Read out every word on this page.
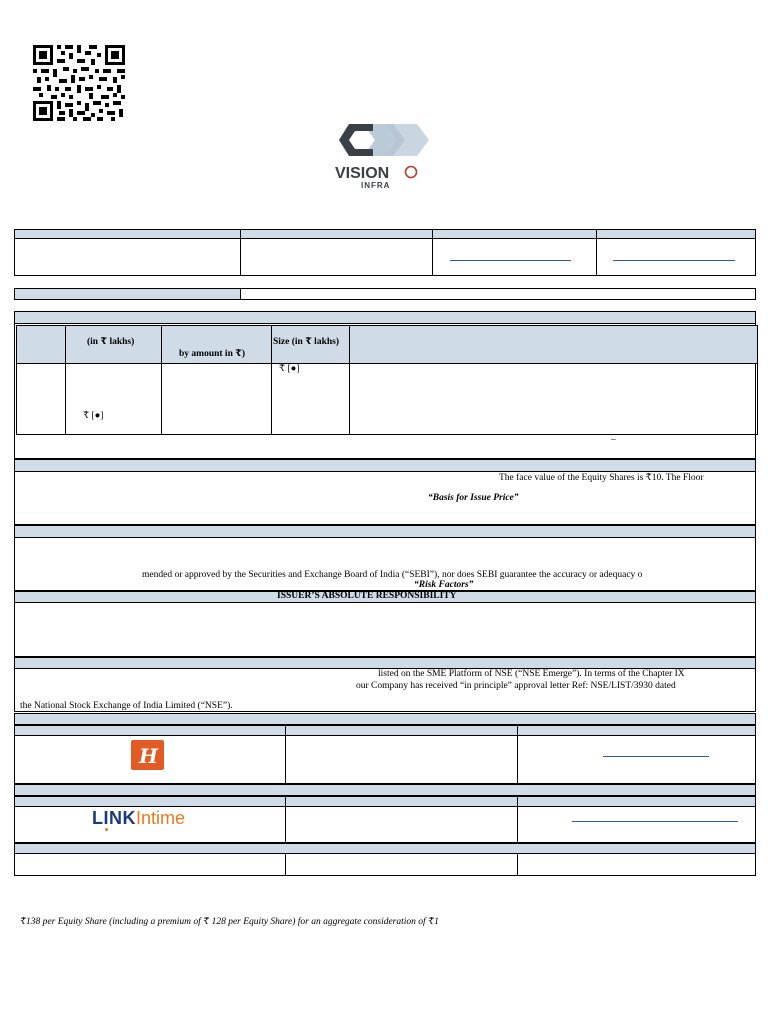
VISION
INFRA
(in ₹ lakhs)
by amount in ₹)
Size (in ₹ lakhs)
₹ [●]
₹ [●]
–
The face value of the Equity Shares is ₹10. The Floor
“Basis for Issue Price”
mended or approved by the Securities and Exchange Board of India (“SEBI”), nor does SEBI guarantee the accuracy or adequacy o
“Risk Factors”
ISSUER’S ABSOLUTE RESPONSIBILITY
listed on the SME Platform of NSE (“NSE Emerge”). In terms of the Chapter IX
our Company has received “in principle” approval letter Ref: NSE/LIST/3930 dated
the National Stock Exchange of India Limited (“NSE”).
H
LINKIntime
₹138 per Equity Share (including a premium of ₹ 128 per Equity Share) for an aggregate consideration of ₹1
